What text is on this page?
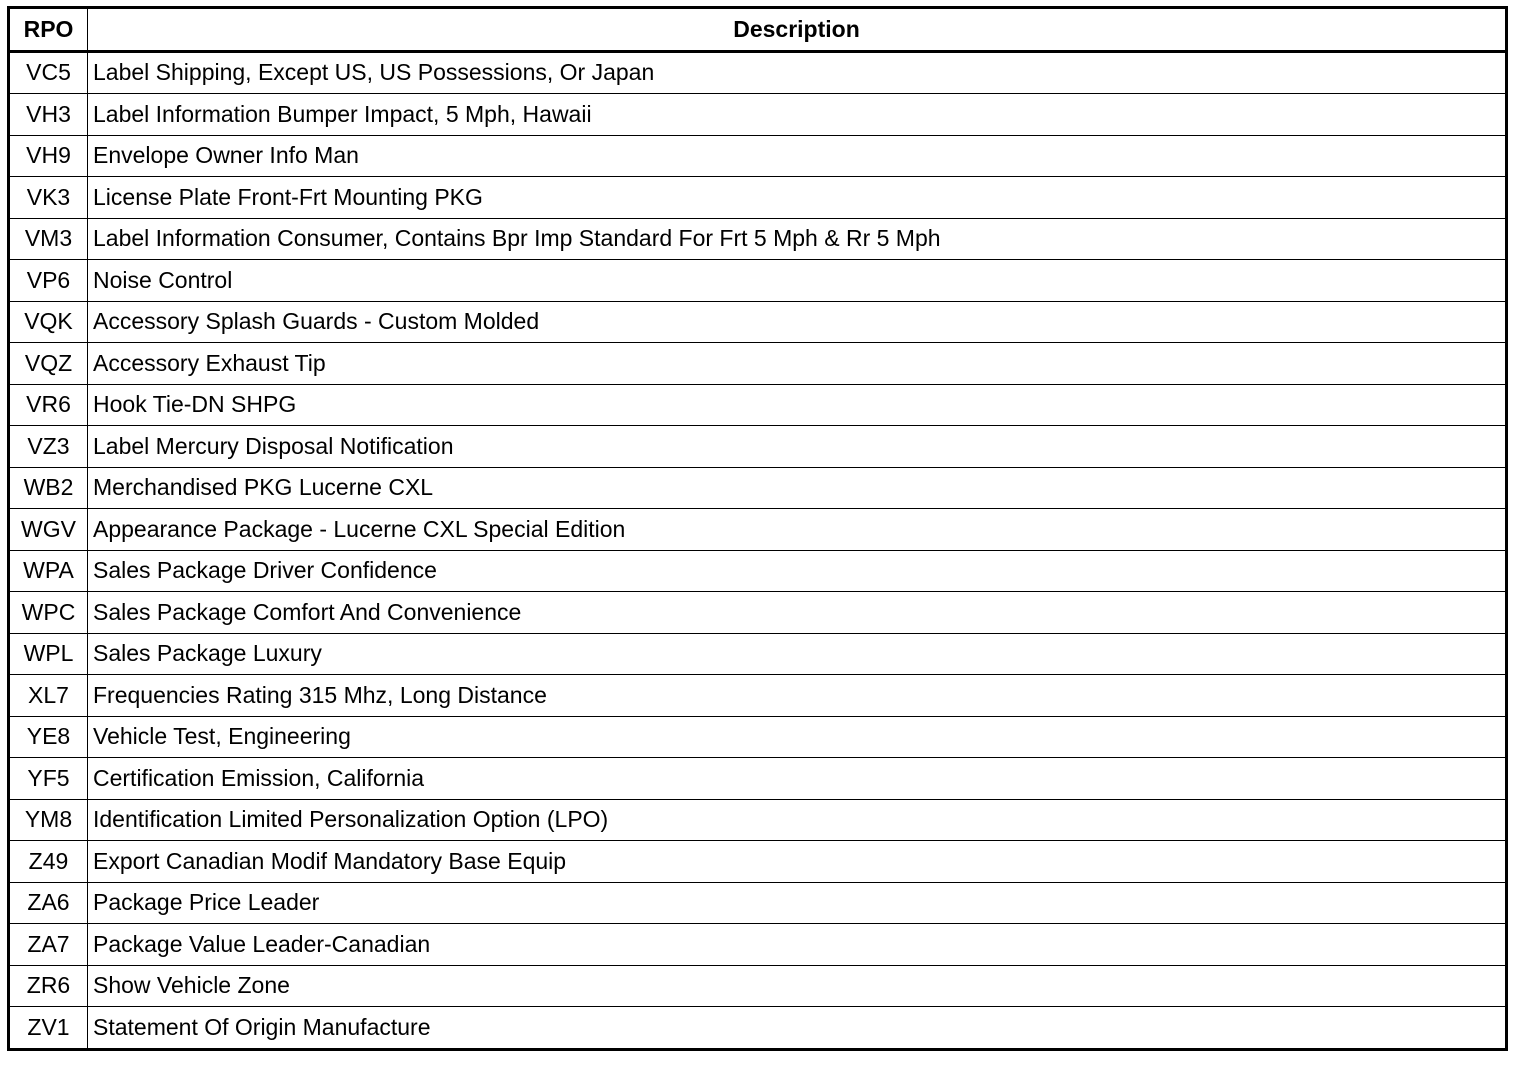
RPO	Description
VC5	Label Shipping, Except US, US Possessions, Or Japan
VH3	Label Information Bumper Impact, 5 Mph, Hawaii
VH9	Envelope Owner Info Man
VK3	License Plate Front-Frt Mounting PKG
VM3	Label Information Consumer, Contains Bpr Imp Standard For Frt 5 Mph & Rr 5 Mph
VP6	Noise Control
VQK	Accessory Splash Guards - Custom Molded
VQZ	Accessory Exhaust Tip
VR6	Hook Tie-DN SHPG
VZ3	Label Mercury Disposal Notification
WB2	Merchandised PKG Lucerne CXL
WGV	Appearance Package - Lucerne CXL Special Edition
WPA	Sales Package Driver Confidence
WPC	Sales Package Comfort And Convenience
WPL	Sales Package Luxury
XL7	Frequencies Rating 315 Mhz, Long Distance
YE8	Vehicle Test, Engineering
YF5	Certification Emission, California
YM8	Identification Limited Personalization Option (LPO)
Z49	Export Canadian Modif Mandatory Base Equip
ZA6	Package Price Leader
ZA7	Package Value Leader-Canadian
ZR6	Show Vehicle Zone
ZV1	Statement Of Origin Manufacture
